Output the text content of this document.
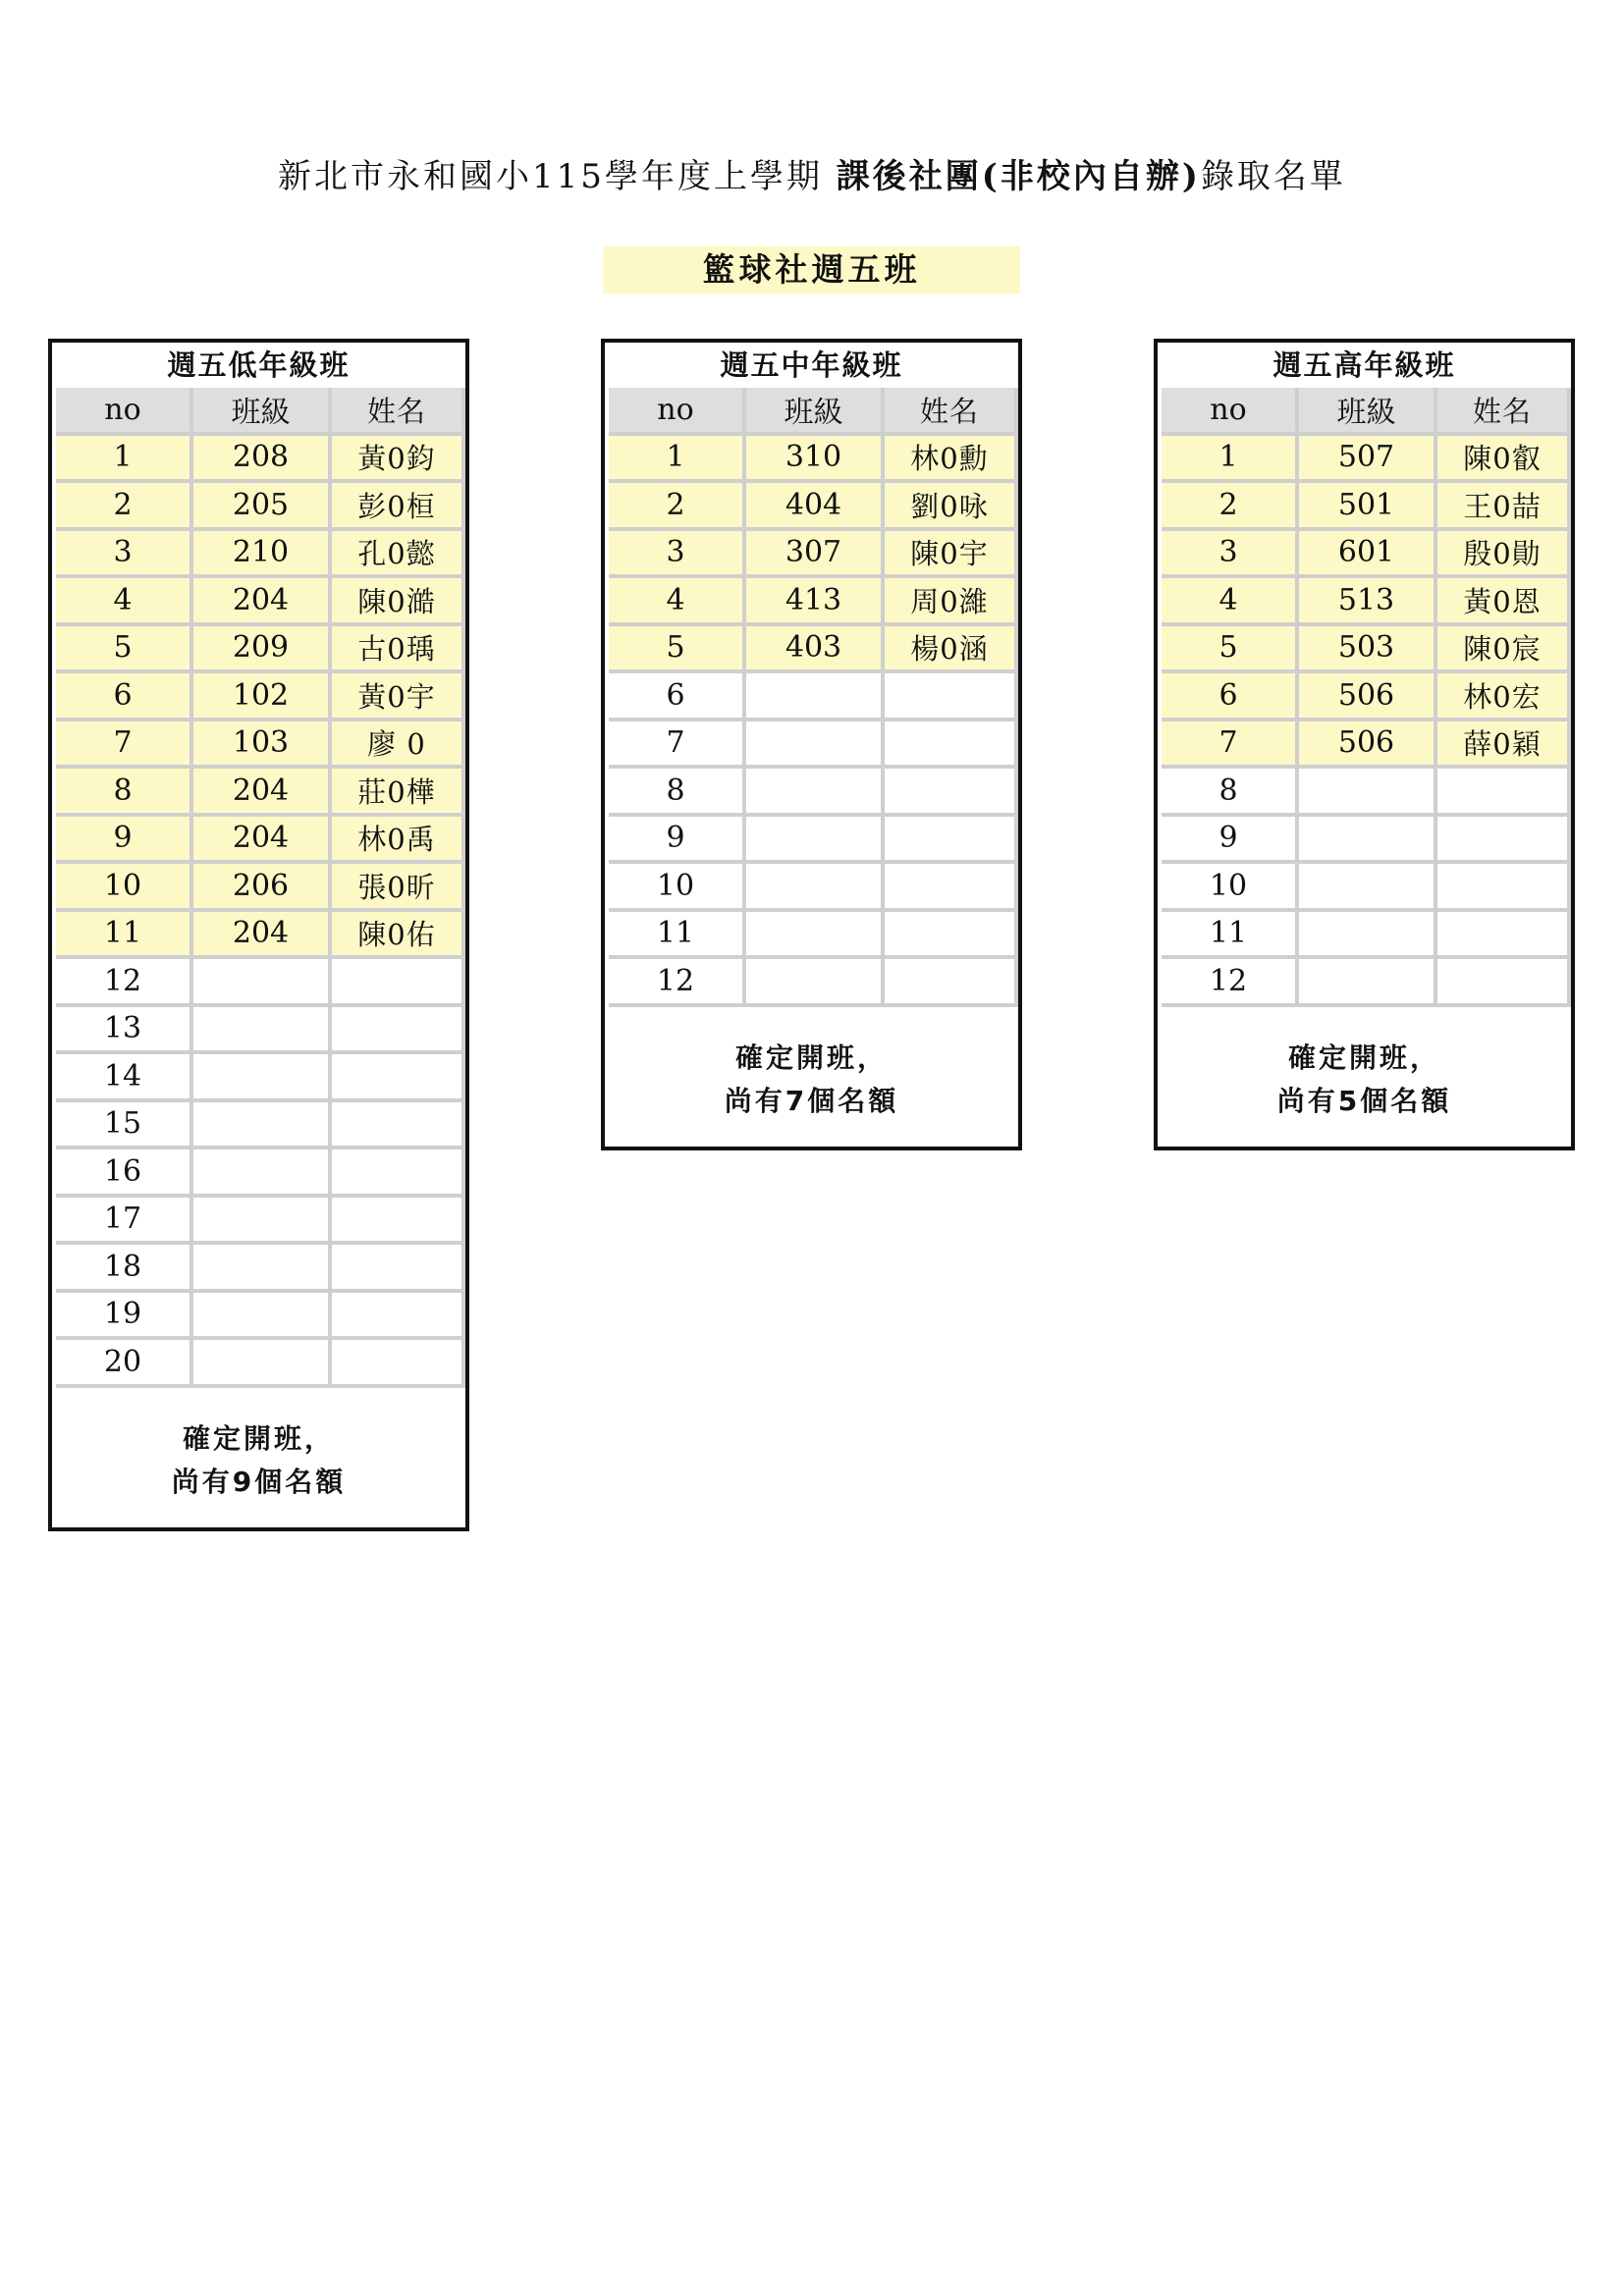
新北市永和國小115學年度上學期 課後社團(非校內自辦)錄取名單
籃球社週五班
週五低年級班
no	班級	姓名
1	208	黃0鈞
2	205	彭0桓
3	210	孔0懿
4	204	陳0澔
5	209	古0瑀
6	102	黃0宇
7	103	廖 0
8	204	莊0樺
9	204	林0禹
10	206	張0昕
11	204	陳0佑
12
13
14
15
16
17
18
19
20
確定開班，
尚有9個名額
週五中年級班
no	班級	姓名
1	310	林0勳
2	404	劉0咏
3	307	陳0宇
4	413	周0濰
5	403	楊0涵
6
7
8
9
10
11
12
確定開班，
尚有7個名額
週五高年級班
no	班級	姓名
1	507	陳0叡
2	501	王0喆
3	601	殷0勛
4	513	黃0恩
5	503	陳0宸
6	506	林0宏
7	506	薛0穎
8
9
10
11
12
確定開班，
尚有5個名額
